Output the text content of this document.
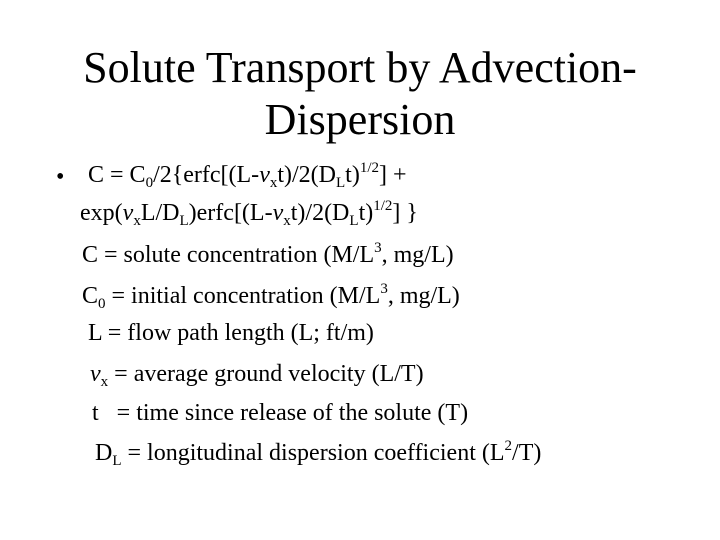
Solute Transport by Advection-
Dispersion
• $C = C_0/2\{erfc[(L-v_xt)/2(D_Lt)^{1/2}]$ +
$\exp(v_xL/D_L)erfc[(L-v_xt)/2(D_Lt)^{1/2}]$ }
C = solute concentration ($M/L^3$, mg/L)
$C_0$ = initial concentration ($M/L^3$, mg/L)
L = flow path length (L; ft/m)
$v_x$ = average ground velocity (L/T)
t   = time since release of the solute (T)
$D_L$ = longitudinal dispersion coefficient $(L^2/T)$
